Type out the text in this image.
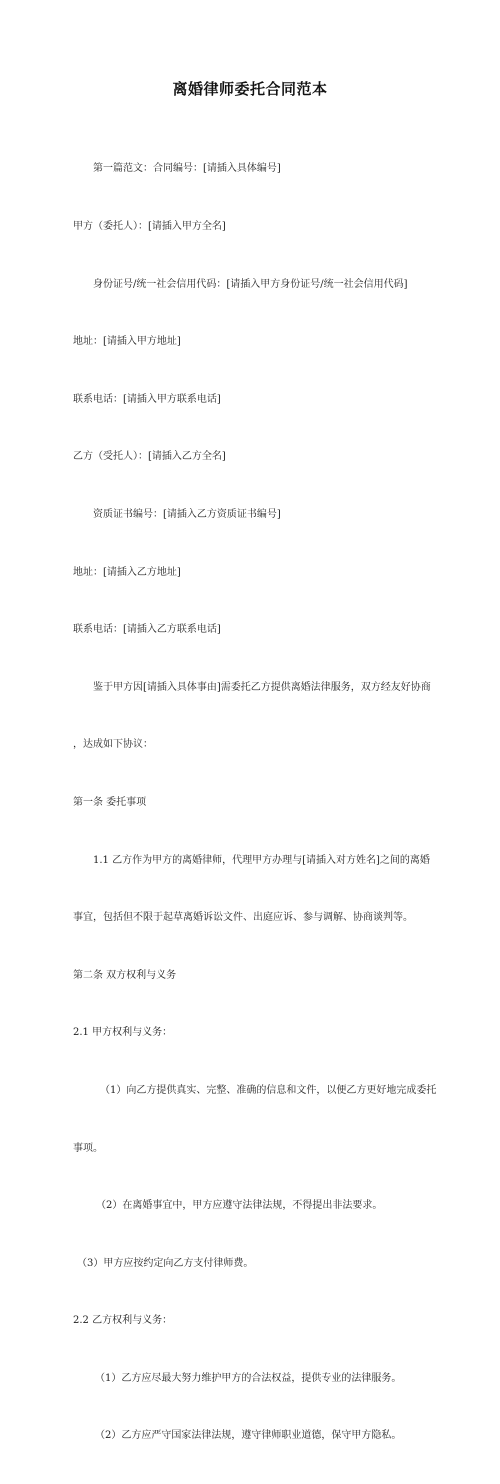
离婚律师委托合同范本

第一篇范文：合同编号：[请插入具体编号]

甲方（委托人）：[请插入甲方全名]

身份证号/统一社会信用代码：[请插入甲方身份证号/统一社会信用代码]

地址：[请插入甲方地址]

联系电话：[请插入甲方联系电话]

乙方（受托人）：[请插入乙方全名]

资质证书编号：[请插入乙方资质证书编号]

地址：[请插入乙方地址]

联系电话：[请插入乙方联系电话]

鉴于甲方因[请插入具体事由]需委托乙方提供离婚法律服务，双方经友好协商

，达成如下协议：

第一条 委托事项

1.1 乙方作为甲方的离婚律师，代理甲方办理与[请插入对方姓名]之间的离婚

事宜，包括但不限于起草离婚诉讼文件、出庭应诉、参与调解、协商谈判等。

第二条 双方权利与义务

2.1 甲方权利与义务：

（1）向乙方提供真实、完整、准确的信息和文件，以便乙方更好地完成委托

事项。

（2）在离婚事宜中，甲方应遵守法律法规，不得提出非法要求。

（3）甲方应按约定向乙方支付律师费。

2.2 乙方权利与义务：

（1）乙方应尽最大努力维护甲方的合法权益，提供专业的法律服务。

（2）乙方应严守国家法律法规，遵守律师职业道德，保守甲方隐私。
